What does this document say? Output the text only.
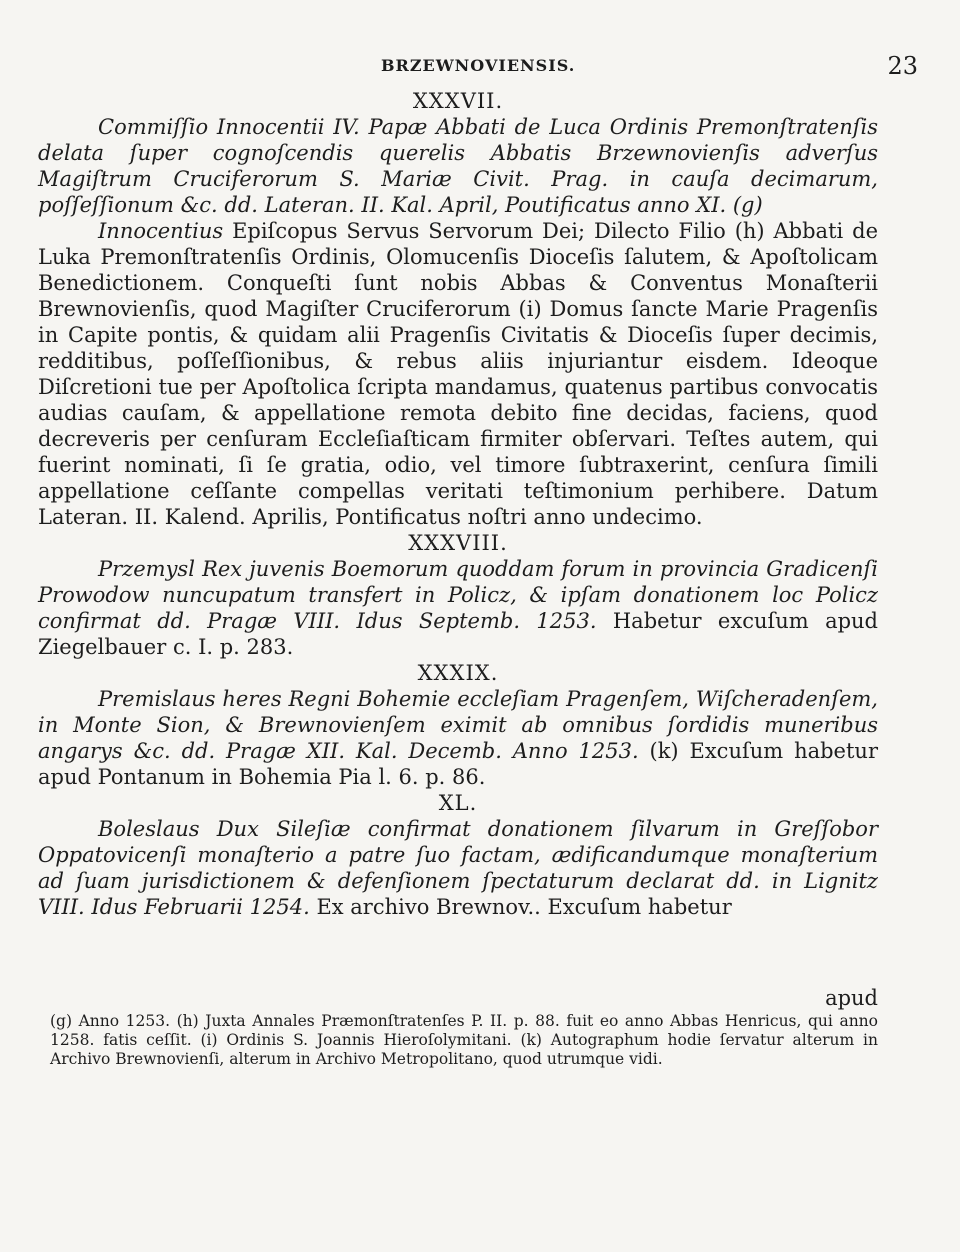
BRZEWNOVIENSIS.	23

XXXVII.

Commiſſio Innocentii IV. Papæ Abbati de Luca Ordinis Premonſtratenſis delata ſuper cognoſcendis querelis Abbatis Brzewnovienſis adverſus Magiſtrum Cruciferorum S. Mariæ Civit. Prag. in cauſa decimarum, poſſeſſionum &c. dd. Lateran. II. Kal. April, Poutificatus anno XI. (g)

Innocentius Epiſcopus Servus Servorum Dei; Dilecto Filio (h) Abbati de Luka Premonſtratenſis Ordinis, Olomucenſis Dioceſis ſalutem, & Apoſtolicam Benedictionem. Conqueſti ſunt nobis Abbas & Conventus Monaſterii Brewnovienſis, quod Magiſter Cruciferorum (i) Domus ſancte Marie Pragenſis in Capite pontis, & quidam alii Pragenſis Civitatis & Dioceſis ſuper decimis, redditibus, poſſeſſionibus, & rebus aliis injuriantur eisdem. Ideoque Diſcretioni tue per Apoſtolica ſcripta mandamus, quatenus partibus convocatis audias cauſam, & appellatione remota debito fine decidas, faciens, quod decreveris per cenſuram Eccleſiaſticam firmiter obſervari. Teſtes autem, qui fuerint nominati, ſi ſe gratia, odio, vel timore ſubtraxerint, cenſura ſimili appellatione ceſſante compellas veritati teſtimonium perhibere. Datum Lateran. II. Kalend. Aprilis, Pontificatus noſtri anno undecimo.

XXXVIII.

Przemysl Rex juvenis Boemorum quoddam forum in provincia Gradicenſi Prowodow nuncupatum transfert in Policz, & ipſam donationem loc Policz confirmat dd. Pragæ VIII. Idus Septemb. 1253. Habetur excuſum apud Ziegelbauer c. I. p. 283.

XXXIX.

Premislaus heres Regni Bohemie eccleſiam Pragenſem, Wiſcheradenſem, in Monte Sion, & Brewnovienſem eximit ab omnibus ſordidis muneribus angarys &c. dd. Pragæ XII. Kal. Decemb. Anno 1253. (k) Excuſum habetur apud Pontanum in Bohemia Pia l. 6. p. 86.

XL.

Boleslaus Dux Sileſiæ confirmat donationem ſilvarum in Greſſobor Oppatovicenſi monaſterio a patre ſuo factam, ædificandumque monaſterium ad ſuam jurisdictionem & defenſionem ſpectaturum declarat dd. in Lignitz VIII. Idus Februarii 1254. Ex archivo Brewnov.. Excuſum habetur

apud

(g) Anno 1253. (h) Juxta Annales Præmonſtratenſes P. II. p. 88. fuit eo anno Abbas Henricus, qui anno 1258. fatis ceſſit. (i) Ordinis S. Joannis Hieroſolymitani. (k) Autographum hodie ſervatur alterum in Archivo Brewnovienſi, alterum in Archivo Metropolitano, quod utrumque vidi.
